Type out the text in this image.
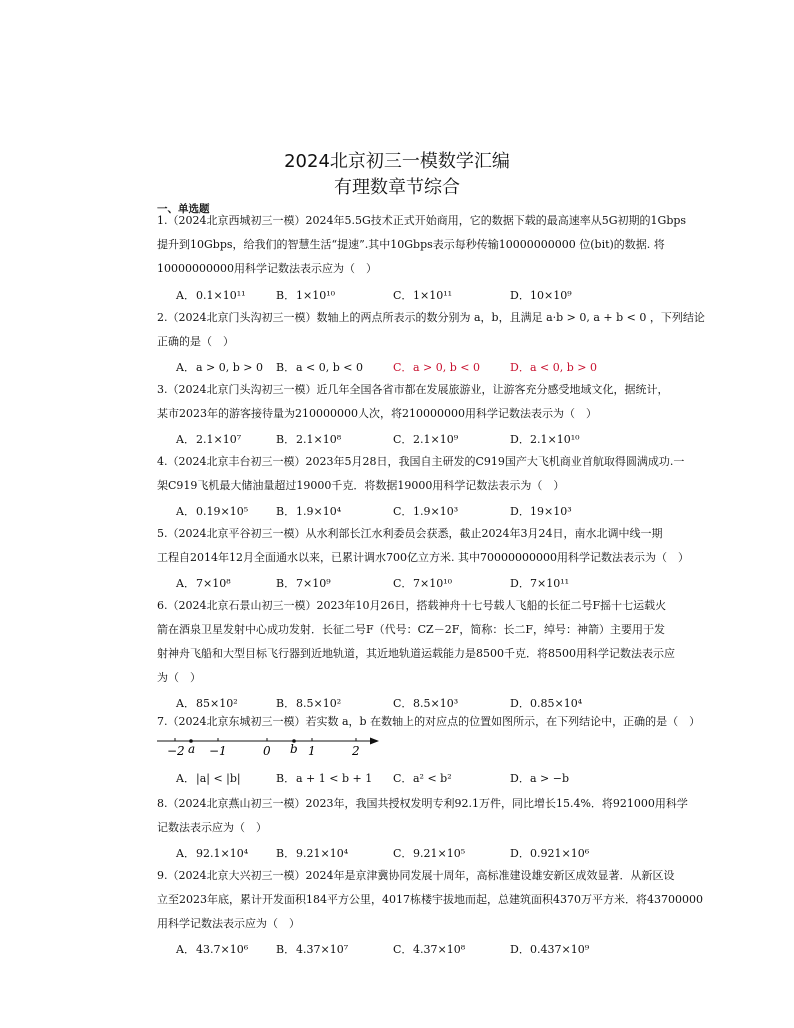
2024北京初三一模数学汇编
有理数章节综合
一、单选题
1.（2024北京西城初三一模）2024年5.5G技术正式开始商用，它的数据下载的最高速率从5G初期的1Gbps
提升到10Gbps，给我们的智慧生活“提速”.其中10Gbps表示每秒传输10000000000 位(bit)的数据. 将
10000000000用科学记数法表示应为（　）
A．0.1×10¹¹	B．1×10¹⁰	C．1×10¹¹	D．10×10⁹
2.（2024北京门头沟初三一模）数轴上的两点所表示的数分别为 a，b，且满足 a·b > 0, a + b < 0 ，下列结论
正确的是（　）
A．a > 0, b > 0 B．a < 0, b < 0	C．a > 0, b < 0	D．a < 0, b > 0
3.（2024北京门头沟初三一模）近几年全国各省市都在发展旅游业，让游客充分感受地域文化，据统计，
某市2023年的游客接待量为210000000人次，将210000000用科学记数法表示为（　）
A．2.1×10⁷	B．2.1×10⁸	C．2.1×10⁹	D．2.1×10¹⁰
4.（2024北京丰台初三一模）2023年5月28日，我国自主研发的C919国产大飞机商业首航取得圆满成功.一
架C919飞机最大储油量超过19000千克．将数据19000用科学记数法表示为（　）
A．0.19×10⁵	B．1.9×10⁴	C．1.9×10³	D．19×10³
5.（2024北京平谷初三一模）从水利部长江水利委员会获悉，截止2024年3月24日，南水北调中线一期
工程自2014年12月全面通水以来，已累计调水700亿立方米. 其中70000000000用科学记数法表示为（　）
A．7×10⁸	B．7×10⁹	C．7×10¹⁰	D．7×10¹¹
6.（2024北京石景山初三一模）2023年10月26日，搭载神舟十七号载人飞船的长征二号F摇十七运载火
箭在酒泉卫星发射中心成功发射．长征二号F（代号：CZ－2F，简称：长二F，绰号：神箭）主要用于发
射神舟飞船和大型目标飞行器到近地轨道，其近地轨道运载能力是8500千克．将8500用科学记数法表示应
为（　）
A．85×10²	B．8.5×10²	C．8.5×10³	D．0.85×10⁴
7.（2024北京东城初三一模）若实数 a，b 在数轴上的对应点的位置如图所示，在下列结论中，正确的是（　）
−2 a −1	0 b 1	2
A．|a| < |b|	B．a + 1 < b + 1 C．a² < b²	D．a > −b
8.（2024北京燕山初三一模）2023年，我国共授权发明专利92.1万件，同比增长15.4%．将921000用科学
记数法表示应为（　）
A．92.1×10⁴	B．9.21×10⁴	C．9.21×10⁵	D．0.921×10⁶
9.（2024北京大兴初三一模）2024年是京津冀协同发展十周年，高标准建设雄安新区成效显著．从新区设
立至2023年底，累计开发面积184平方公里，4017栋楼宇拔地而起，总建筑面积4370万平方米．将43700000
用科学记数法表示应为（　）
A．43.7×10⁶	B．4.37×10⁷	C．4.37×10⁸	D．0.437×10⁹
